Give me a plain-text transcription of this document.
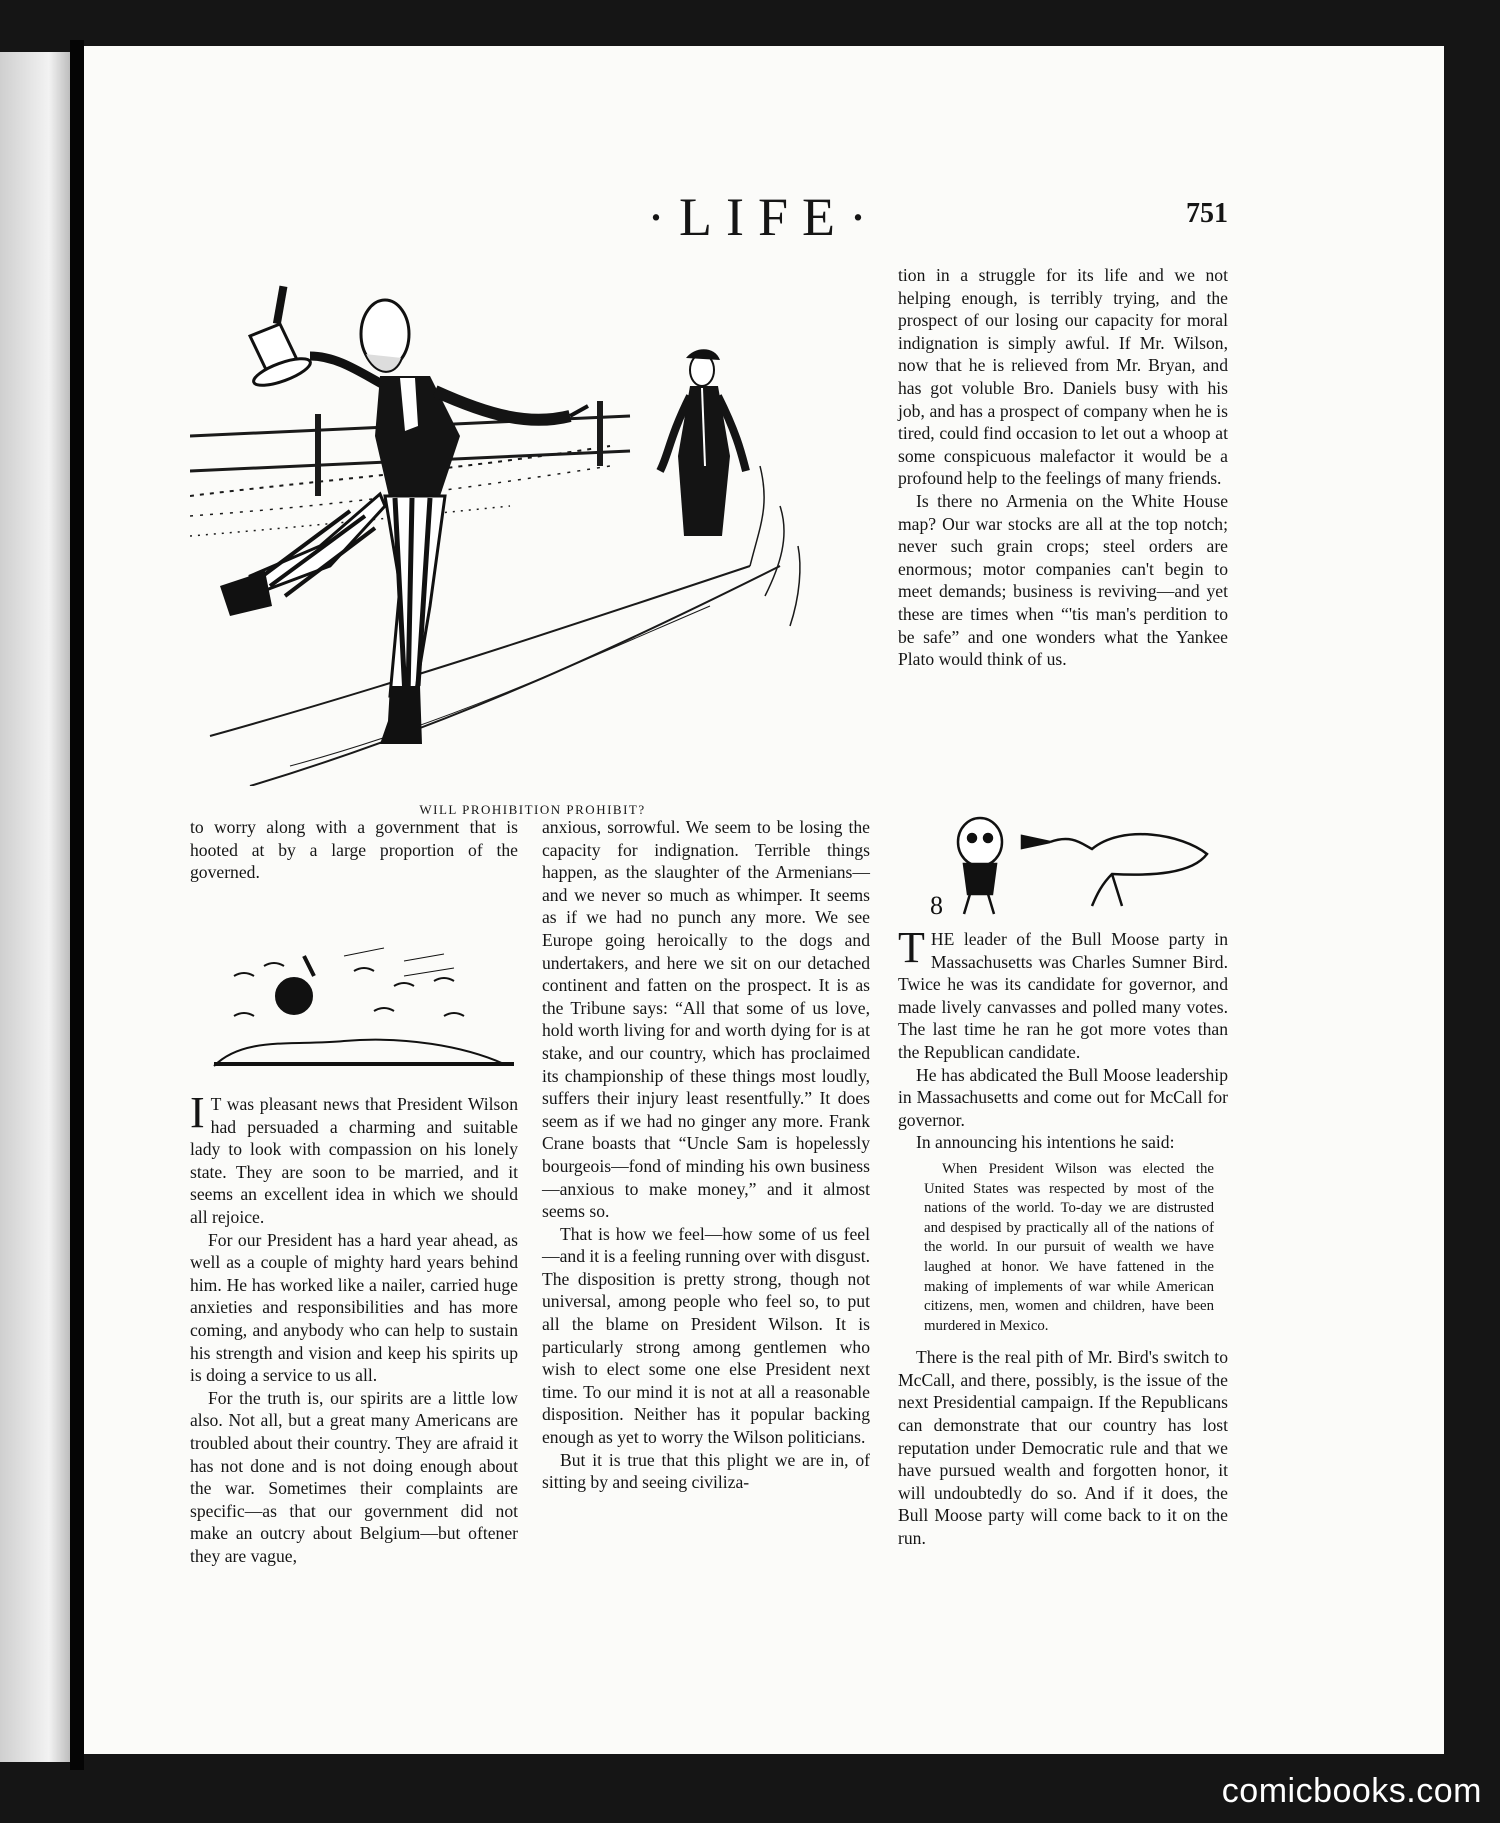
·LIFE·	751
WILL PROHIBITION PROHIBIT?

to worry along with a government that is hooted at by a large proportion of the governed.

I T was pleasant news that President Wilson had persuaded a charming and suitable lady to look with compassion on his lonely state. They are soon to be married, and it seems an excellent idea in which we should all rejoice.

For our President has a hard year ahead, as well as a couple of mighty hard years behind him. He has worked like a nailer, carried huge anxieties and responsibilities and has more coming, and anybody who can help to sustain his strength and vision and keep his spirits up is doing a service to us all.

For the truth is, our spirits are a little low also. Not all, but a great many Americans are troubled about their country. They are afraid it has not done and is not doing enough about the war. Sometimes their complaints are specific—as that our government did not make an outcry about Belgium—but oftener they are vague,

anxious, sorrowful. We seem to be losing the capacity for indignation. Terrible things happen, as the slaughter of the Armenians—and we never so much as whimper. It seems as if we had no punch any more. We see Europe going heroically to the dogs and undertakers, and here we sit on our detached continent and fatten on the prospect. It is as the Tribune says: “All that some of us love, hold worth living for and worth dying for is at stake, and our country, which has proclaimed its championship of these things most loudly, suffers their injury least resentfully.” It does seem as if we had no ginger any more. Frank Crane boasts that “Uncle Sam is hopelessly bourgeois—fond of minding his own business—anxious to make money,” and it almost seems so.

That is how we feel—how some of us feel—and it is a feeling running over with disgust. The disposition is pretty strong, though not universal, among people who feel so, to put all the blame on President Wilson. It is particularly strong among gentlemen who wish to elect some one else President next time. To our mind it is not at all a reasonable disposition. Neither has it popular backing enough as yet to worry the Wilson politicians.

But it is true that this plight we are in, of sitting by and seeing civiliza-

tion in a struggle for its life and we not helping enough, is terribly trying, and the prospect of our losing our capacity for moral indignation is simply awful. If Mr. Wilson, now that he is relieved from Mr. Bryan, and has got voluble Bro. Daniels busy with his job, and has a prospect of company when he is tired, could find occasion to let out a whoop at some conspicuous malefactor it would be a profound help to the feelings of many friends.

Is there no Armenia on the White House map? Our war stocks are all at the top notch; never such grain crops; steel orders are enormous; motor companies can't begin to meet demands; business is reviving—and yet these are times when “'tis man's perdition to be safe” and one wonders what the Yankee Plato would think of us.

8

THE leader of the Bull Moose party in Massachusetts was Charles Sumner Bird. Twice he was its candidate for governor, and made lively canvasses and polled many votes. The last time he ran he got more votes than the Republican candidate.

He has abdicated the Bull Moose leadership in Massachusetts and come out for McCall for governor.

In announcing his intentions he said:

When President Wilson was elected the United States was respected by most of the nations of the world. To-day we are distrusted and despised by practically all of the nations of the world. In our pursuit of wealth we have laughed at honor. We have fattened in the making of implements of war while American citizens, men, women and children, have been murdered in Mexico.

There is the real pith of Mr. Bird's switch to McCall, and there, possibly, is the issue of the next Presidential campaign. If the Republicans can demonstrate that our country has lost reputation under Democratic rule and that we have pursued wealth and forgotten honor, it will undoubtedly do so. And if it does, the Bull Moose party will come back to it on the run.

comicbooks.com
